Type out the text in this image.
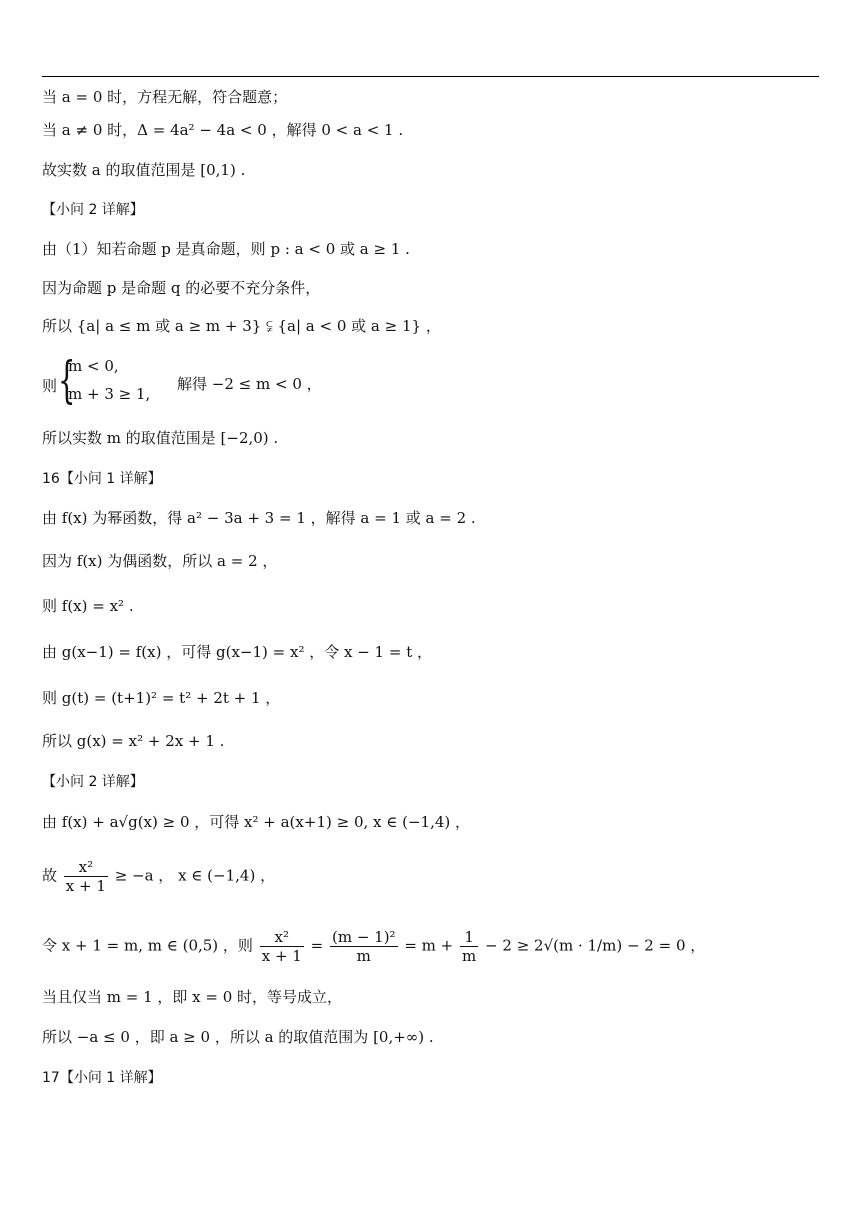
当 a = 0 时，方程无解，符合题意；
当 a ≠ 0 时，Δ = 4a² − 4a < 0 ，解得 0 < a < 1 .
故实数 a 的取值范围是 [0,1) .
【小问 2 详解】
由（1）知若命题 p 是真命题，则 p : a < 0 或 a ≥ 1 .
因为命题 p 是命题 q 的必要不充分条件，
所以 {a| a ≤ m 或 a ≥ m + 3} ⫋ {a| a < 0 或 a ≥ 1} ，
则 {
m < 0,
m + 3 ≥ 1,
解得 −2 ≤ m < 0 ，
所以实数 m 的取值范围是 [−2,0) .
16【小问 1 详解】
由 f(x) 为幂函数，得 a² − 3a + 3 = 1 ，解得 a = 1 或 a = 2 .
因为 f(x) 为偶函数，所以 a = 2 ，
则 f(x) = x² .
由 g(x−1) = f(x) ，可得 g(x−1) = x² ，令 x − 1 = t ，
则 g(t) = (t+1)² = t² + 2t + 1 ，
所以 g(x) = x² + 2x + 1 .
【小问 2 详解】
由 f(x) + a√g(x) ≥ 0 ，可得 x² + a(x+1) ≥ 0, x ∈ (−1,4) ，
故 $\frac{\text{x²}}{x + 1} \ge -a$ ， x ∈ (−1,4) ，
令 x + 1 = m, m ∈ (0,5) ，则 $\frac{\text{x²}}{x + 1} = \frac{\text{(m − 1)²}}{m} = m + \frac{1}{m} - 2 \ge 2√(m \cdot 1/m) - 2 = 0$ ，
当且仅当 m = 1 ，即 x = 0 时，等号成立，
所以 −a ≤ 0 ，即 a ≥ 0 ，所以 a 的取值范围为 [0,+∞) .
17【小问 1 详解】
